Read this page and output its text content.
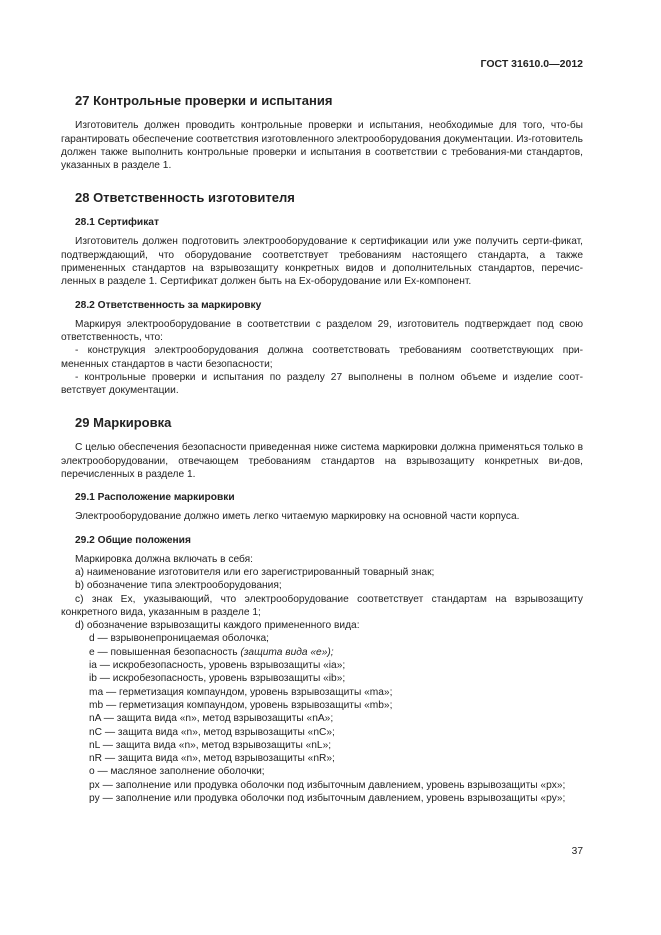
ГОСТ 31610.0—2012
27 Контрольные проверки и испытания

Изготовитель должен проводить контрольные проверки и испытания, необходимые для того, что-бы гарантировать обеспечение соответствия изготовленного электрооборудования документации. Из-готовитель должен также выполнить контрольные проверки и испытания в соответствии с требования-ми стандартов, указанных в разделе 1.

28 Ответственность изготовителя
28.1 Сертификат

Изготовитель должен подготовить электрооборудование к сертификации или уже получить серти-фикат, подтверждающий, что оборудование соответствует требованиям настоящего стандарта, а также примененных стандартов на взрывозащиту конкретных видов и дополнительных стандартов, перечис-ленных в разделе 1. Сертификат должен быть на Ex-оборудование или Ex-компонент.

28.2 Ответственность за маркировку

Маркируя электрооборудование в соответствии с разделом 29, изготовитель подтверждает под свою ответственность, что:

- конструкция электрооборудования должна соответствовать требованиям соответствующих при-мененных стандартов в части безопасности;

- контрольные проверки и испытания по разделу 27 выполнены в полном объеме и изделие соот-ветствует документации.

29 Маркировка

С целью обеспечения безопасности приведенная ниже система маркировки должна применяться только в электрооборудовании, отвечающем требованиям стандартов на взрывозащиту конкретных ви-дов, перечисленных в разделе 1.

29.1 Расположение маркировки

Электрооборудование должно иметь легко читаемую маркировку на основной части корпуса.

29.2 Общие положения

Маркировка должна включать в себя:

а) наименование изготовителя или его зарегистрированный товарный знак;

b) обозначение типа электрооборудования;

с) знак Ex, указывающий, что электрооборудование соответствует стандартам на взрывозащиту конкретного вида, указанным в разделе 1;

d) обозначение взрывозащиты каждого примененного вида:

d — взрывонепроницаемая оболочка;

е — повышенная безопасность (защита вида «е»);

ia — искробезопасность, уровень взрывозащиты «ia»;

ib — искробезопасность, уровень взрывозащиты «ib»;

ma — герметизация компаундом, уровень взрывозащиты «ma»;

mb — герметизация компаундом, уровень взрывозащиты «mb»;

nA — защита вида «n», метод взрывозащиты «nA»;

nC — защита вида «n», метод взрывозащиты «nC»;

nL — защита вида «n», метод взрывозащиты «nL»;

nR — защита вида «n», метод взрывозащиты «nR»;

о — масляное заполнение оболочки;

px — заполнение или продувка оболочки под избыточным давлением, уровень взрывозащиты «px»;

py — заполнение или продувка оболочки под избыточным давлением, уровень взрывозащиты «py»;

37
